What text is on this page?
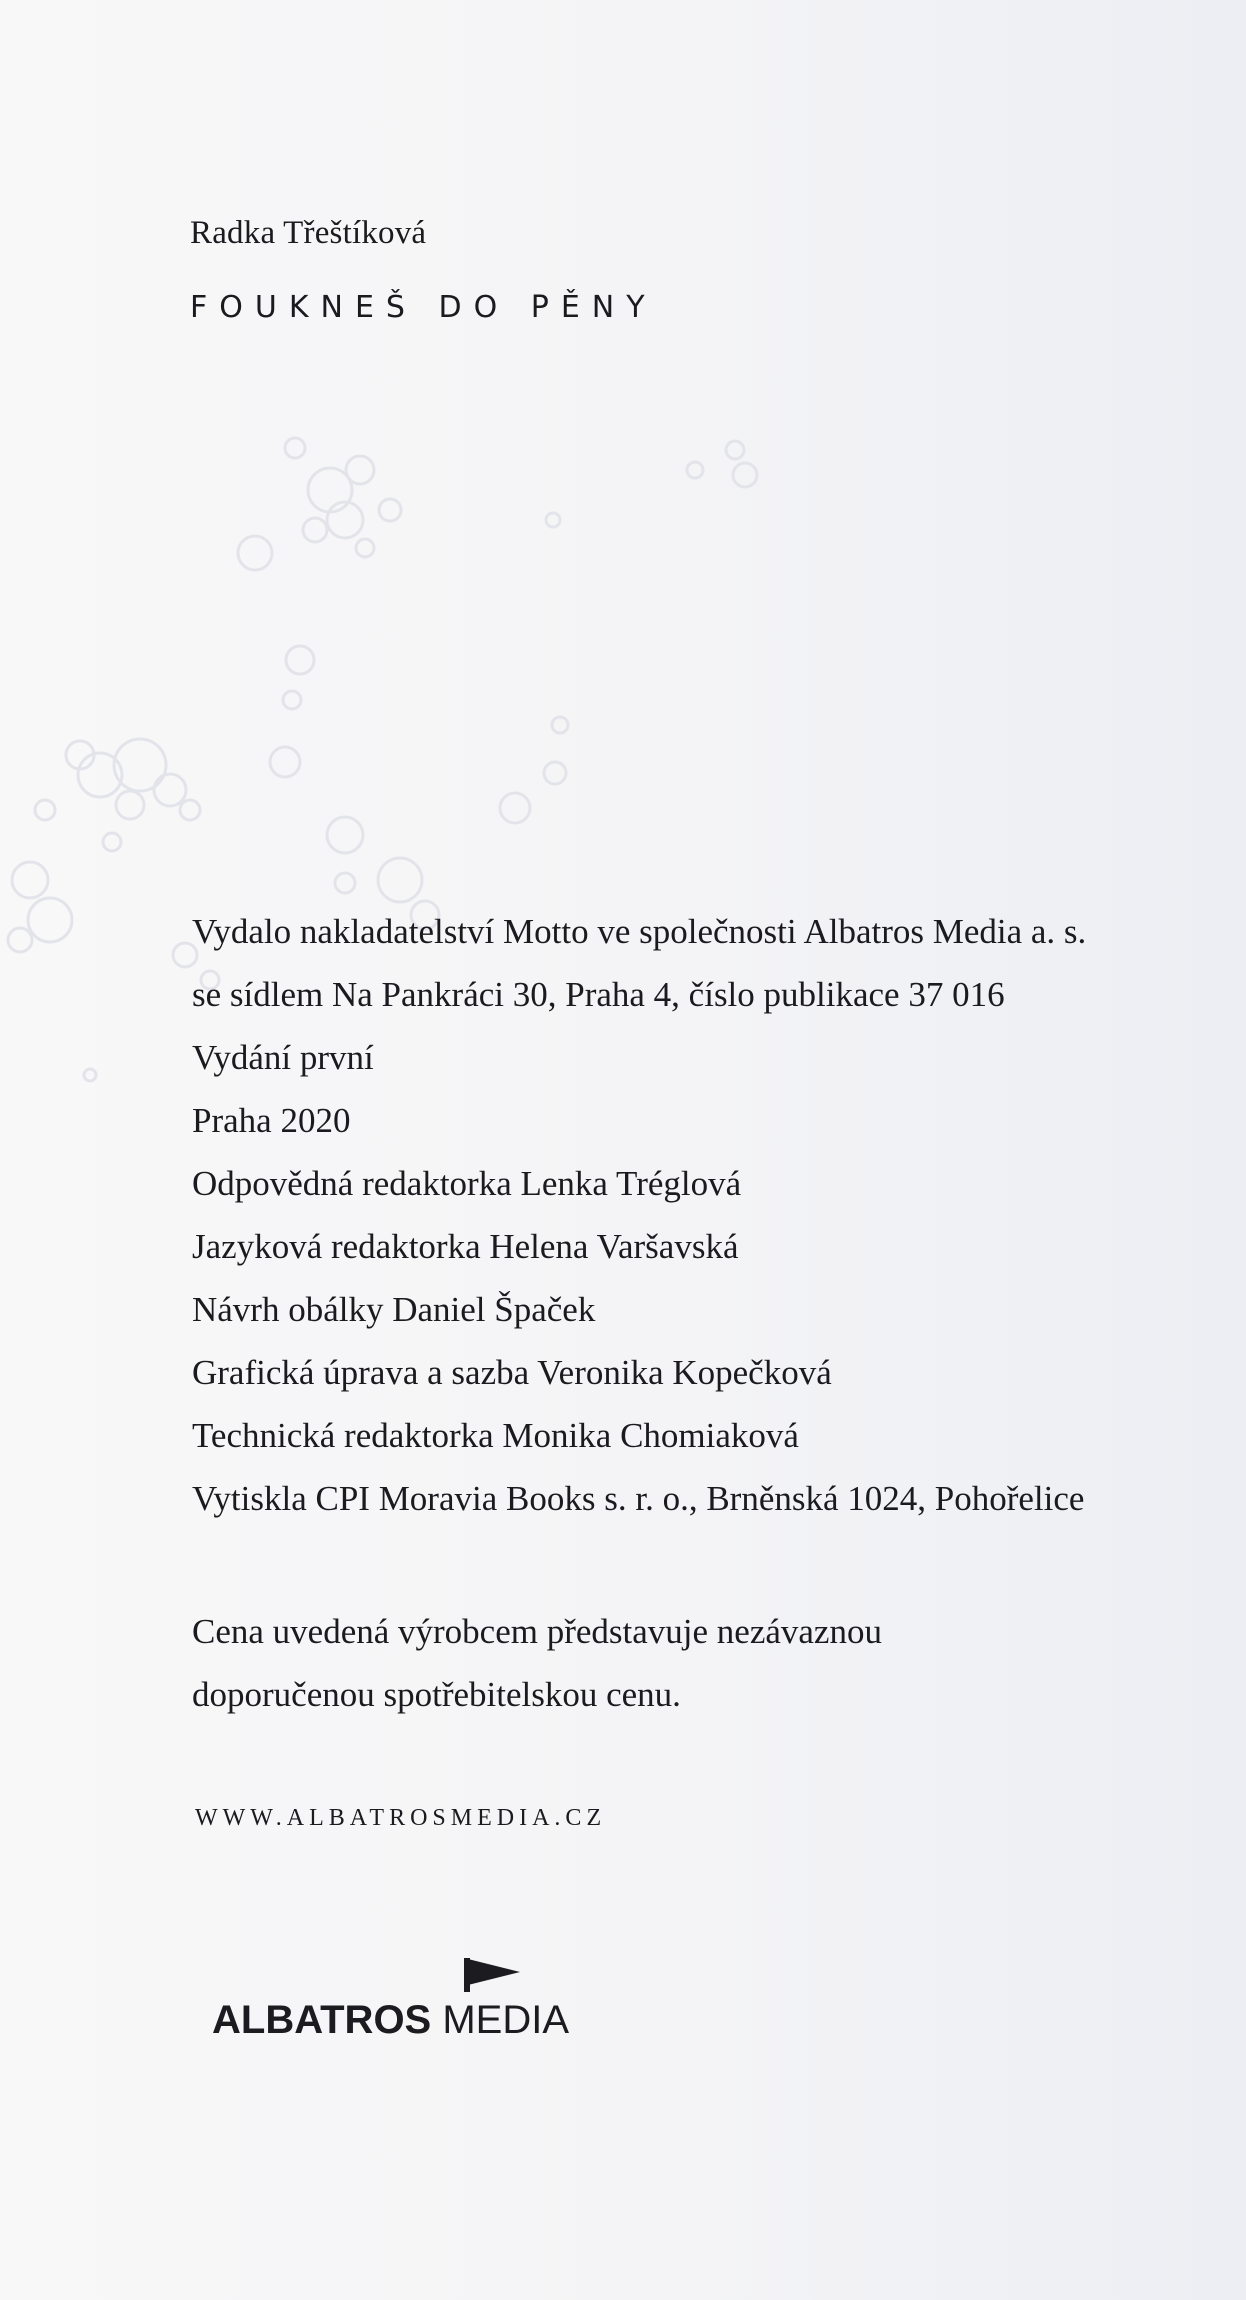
Radka Třeštíková
FOUKNEŠ DO PĚNY
Vydalo nakladatelství Motto ve společnosti Albatros Media a. s.
se sídlem Na Pankráci 30, Praha 4, číslo publikace 37 016
Vydání první
Praha 2020
Odpovědná redaktorka Lenka Tréglová
Jazyková redaktorka Helena Varšavská
Návrh obálky Daniel Špaček
Grafická úprava a sazba Veronika Kopečková
Technická redaktorka Monika Chomiaková
Vytiskla CPI Moravia Books s. r. o., Brněnská 1024, Pohořelice
Cena uvedená výrobcem představuje nezávaznou
doporučenou spotřebitelskou cenu.
WWW.ALBATROSMEDIA.CZ
ALBATROS MEDIA
